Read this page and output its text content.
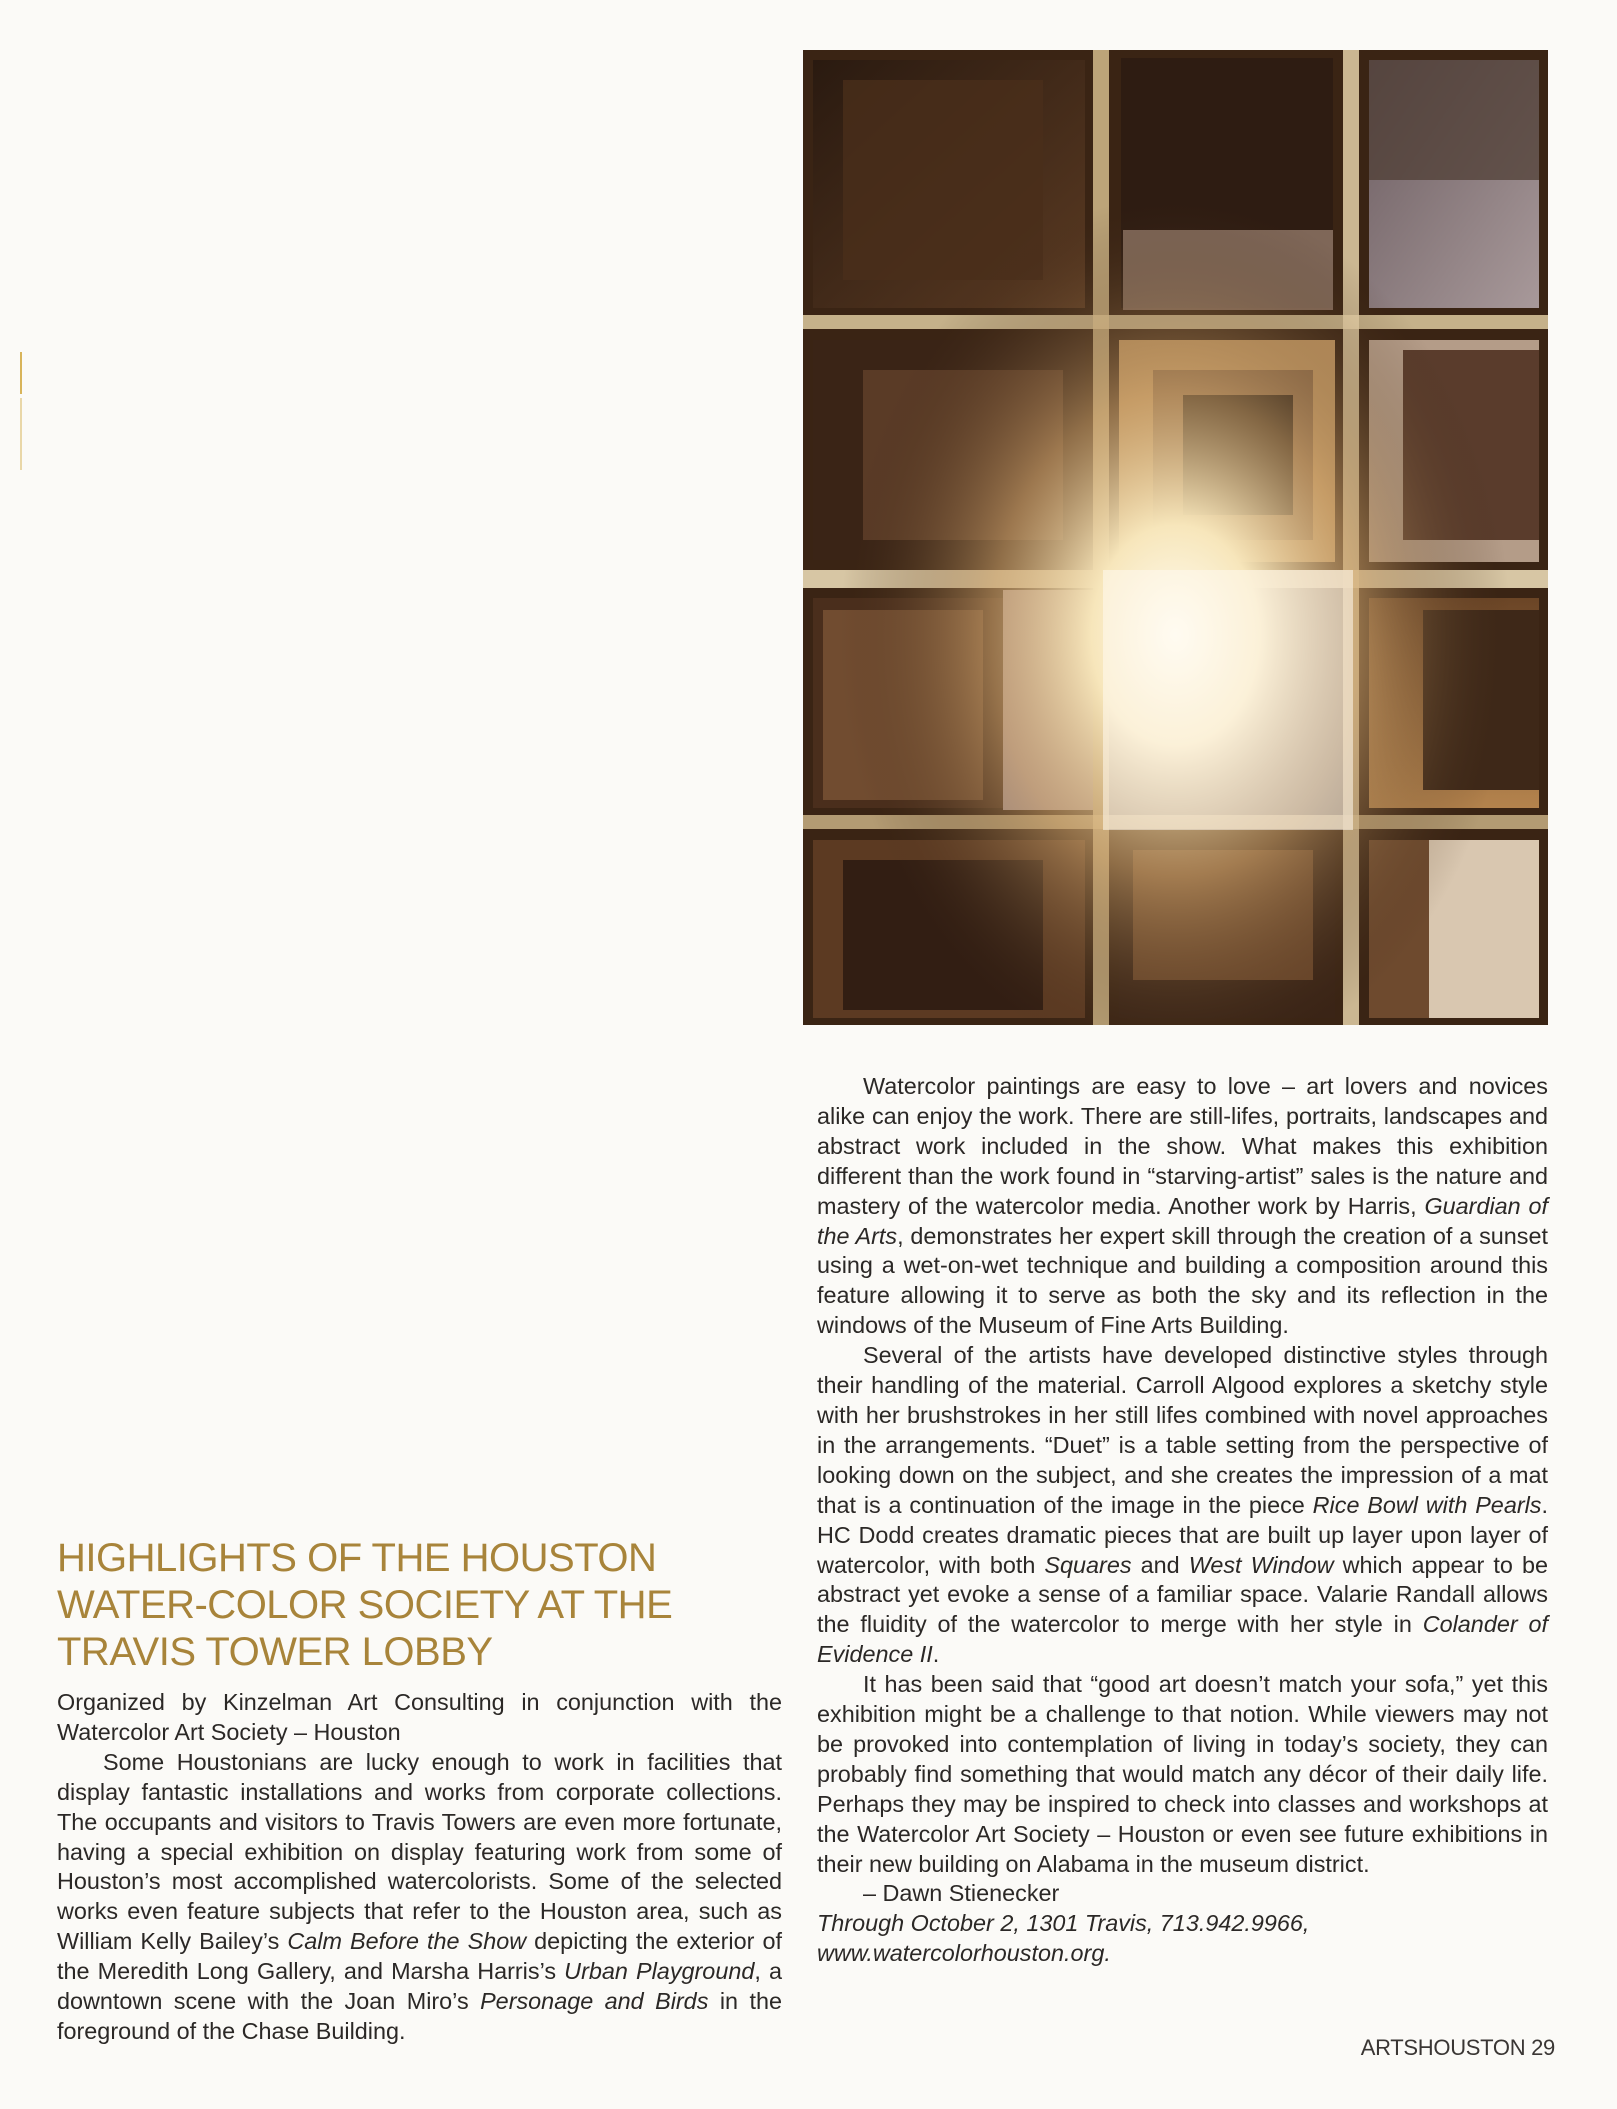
Watercolor paintings are easy to love – art lovers and novices alike can enjoy the work. There are still-lifes, portraits, landscapes and abstract work included in the show. What makes this exhibition different than the work found in “starving-artist” sales is the nature and mastery of the watercolor media. Another work by Harris, Guardian of the Arts, demonstrates her expert skill through the creation of a sunset using a wet-on-wet technique and building a composition around this feature allowing it to serve as both the sky and its reflection in the windows of the Museum of Fine Arts Building.

Several of the artists have developed distinctive styles through their handling of the material. Carroll Algood explores a sketchy style with her brushstrokes in her still lifes combined with novel approaches in the arrangements. “Duet” is a table setting from the perspective of looking down on the subject, and she creates the impression of a mat that is a continuation of the image in the piece Rice Bowl with Pearls. HC Dodd creates dramatic pieces that are built up layer upon layer of watercolor, with both Squares and West Window which appear to be abstract yet evoke a sense of a familiar space. Valarie Randall allows the fluidity of the watercolor to merge with her style in Colander of Evidence II.

It has been said that “good art doesn’t match your sofa,” yet this exhibition might be a challenge to that notion. While viewers may not be provoked into contemplation of living in today’s society, they can probably find something that would match any décor of their daily life. Perhaps they may be inspired to check into classes and workshops at the Watercolor Art Society – Houston or even see future exhibitions in their new building on Alabama in the museum district.

– Dawn Stienecker

Through October 2, 1301 Travis, 713.942.9966,
www.watercolorhouston.org.

HIGHLIGHTS OF THE HOUSTON WATER-COLOR SOCIETY AT THE TRAVIS TOWER LOBBY

Organized by Kinzelman Art Consulting in conjunction with the Watercolor Art Society – Houston

Some Houstonians are lucky enough to work in facilities that display fantastic installations and works from corporate collections. The occupants and visitors to Travis Towers are even more fortunate, having a special exhibition on display featuring work from some of Houston’s most accomplished watercolorists. Some of the selected works even feature subjects that refer to the Houston area, such as William Kelly Bailey’s Calm Before the Show depicting the exterior of the Meredith Long Gallery, and Marsha Harris’s Urban Playground, a downtown scene with the Joan Miro’s Personage and Birds in the foreground of the Chase Building.

ARTSHOUSTON 29
